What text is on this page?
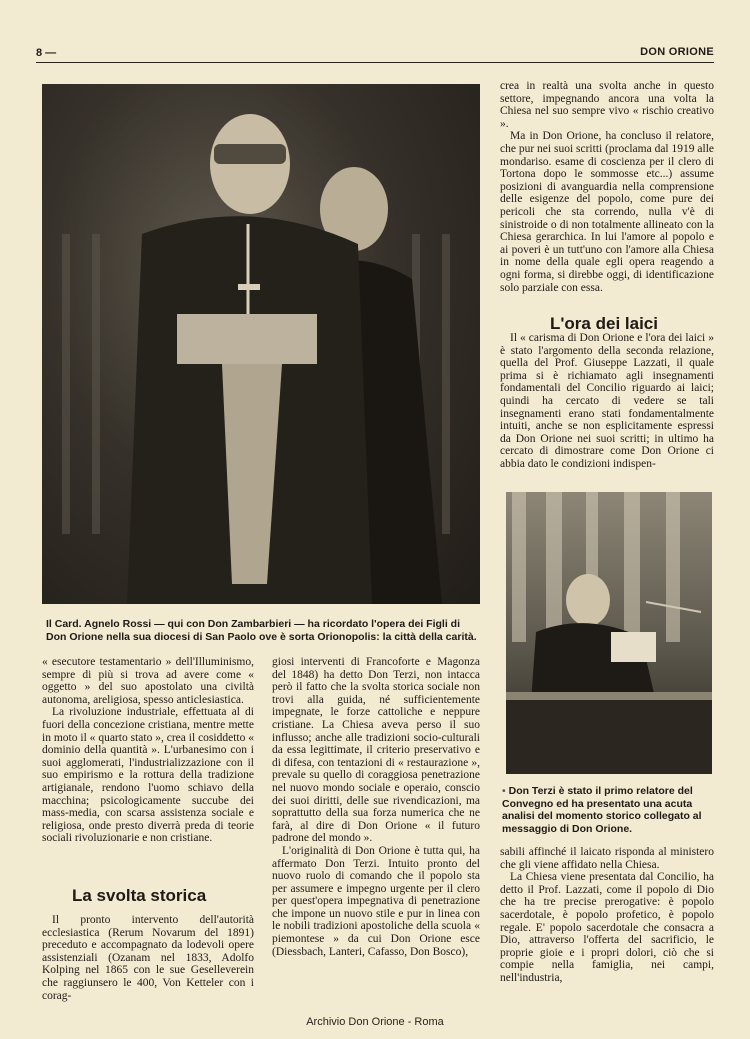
8 —	DON ORIONE
Il Card. Agnelo Rossi — qui con Don Zambarbieri — ha ricordato l'opera dei Figli di Don Orione nella sua diocesi di San Paolo ove è sorta Orionopolis: la città della carità.
• Don Terzi è stato il primo relatore del Convegno ed ha presentato una acuta analisi del momento storico collegato al messaggio di Don Orione.

« esecutore testamentario » dell'Illuminismo, sempre di più si trova ad avere come « oggetto » del suo apostolato una civiltà autonoma, areligiosa, spesso anticlesiastica.

La rivoluzione industriale, effettuata al di fuori della concezione cristiana, mentre mette in moto il « quarto stato », crea il cosiddetto « dominio della quantità ». L'urbanesimo con i suoi agglomerati, l'industrializzazione con il suo empirismo e la rottura della tradizione artigianale, rendono l'uomo schiavo della macchina; psicologicamente succube dei mass-media, con scarsa assistenza sociale e religiosa, onde presto diverrà preda di teorie sociali rivoluzionarie e non cristiane.

La svolta storica

Il pronto intervento dell'autorità ecclesiastica (Rerum Novarum del 1891) preceduto e accompagnato da lodevoli opere assistenziali (Ozanam nel 1833, Adolfo Kolping nel 1865 con le sue Geselleverein che raggiunsero le 400, Von Ketteler con i corag-

giosi interventi di Francoforte e Magonza del 1848) ha detto Don Terzi, non intacca però il fatto che la svolta storica sociale non trovi alla guida, né sufficientemente impegnate, le forze cattoliche e neppure cristiane. La Chiesa aveva perso il suo influsso; anche alle tradizioni socio-culturali da essa legittimate, il criterio preservativo e di difesa, con tentazioni di « restaurazione », prevale su quello di coraggiosa penetrazione nel nuovo mondo sociale e operaio, conscio dei suoi diritti, delle sue rivendicazioni, ma soprattutto della sua forza numerica che ne farà, al dire di Don Orione « il futuro padrone del mondo ».

L'originalità di Don Orione è tutta qui, ha affermato Don Terzi. Intuito pronto del nuovo ruolo di comando che il popolo sta per assumere e impegno urgente per il clero per quest'opera impegnativa di penetrazione che impone un nuovo stile e pur in linea con le nobili tradizioni apostoliche della scuola « piemontese » da cui Don Orione esce (Diessbach, Lanteri, Cafasso, Don Bosco),

crea in realtà una svolta anche in questo settore, impegnando ancora una volta la Chiesa nel suo sempre vivo « rischio creativo ».

Ma in Don Orione, ha concluso il relatore, che pur nei suoi scritti (proclama dal 1919 alle mondariso. esame di coscienza per il clero di Tortona dopo le sommosse etc...) assume posizioni di avanguardia nella comprensione delle esigenze del popolo, come pure dei pericoli che sta correndo, nulla v'è di sinistroide o di non totalmente allineato con la Chiesa gerarchica. In lui l'amore al popolo e ai poveri è un tutt'uno con l'amore alla Chiesa in nome della quale egli opera reagendo a ogni forma, si direbbe oggi, di identificazione solo parziale con essa.

L'ora dei laici

Il « carisma di Don Orione e l'ora dei laici » è stato l'argomento della seconda relazione, quella del Prof. Giuseppe Lazzati, il quale prima si è richiamato agli insegnamenti fondamentali del Concilio riguardo ai laici; quindi ha cercato di vedere se tali insegnamenti erano stati fondamentalmente intuiti, anche se non esplicitamente espressi da Don Orione nei suoi scritti; in ultimo ha cercato di dimostrare come Don Orione ci abbia dato le condizioni indispen-

sabili affinché il laicato risponda al ministero che gli viene affidato nella Chiesa.

La Chiesa viene presentata dal Concilio, ha detto il Prof. Lazzati, come il popolo di Dio che ha tre precise prerogative: è popolo sacerdotale, è popolo profetico, è popolo regale. E' popolo sacerdotale che consacra a Dio, attraverso l'offerta del sacrificio, le proprie gioie e i propri dolori, ciò che si compie nella famiglia, nei campi, nell'industria,

Archivio Don Orione - Roma
